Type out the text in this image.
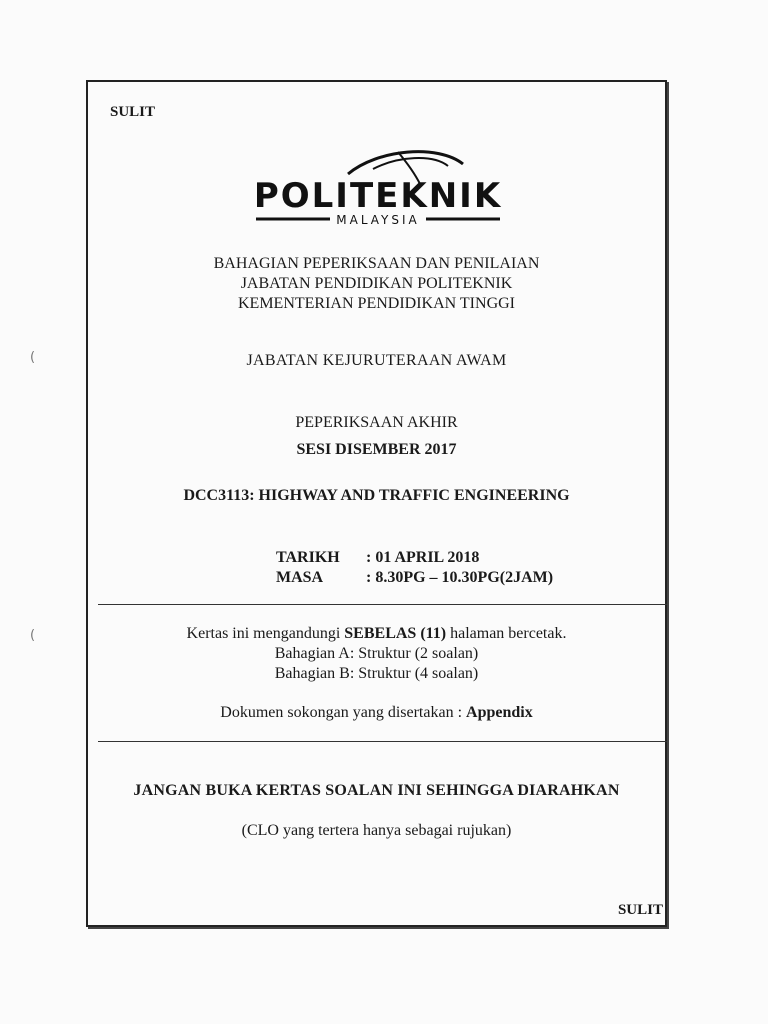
(
(
SULIT
POLITEKNIK
MALAYSIA
BAHAGIAN PEPERIKSAAN DAN PENILAIAN
JABATAN PENDIDIKAN POLITEKNIK
KEMENTERIAN PENDIDIKAN TINGGI
JABATAN KEJURUTERAAN AWAM
PEPERIKSAAN AKHIR
SESI DISEMBER 2017
DCC3113: HIGHWAY AND TRAFFIC ENGINEERING
TARIKH	: 01 APRIL 2018
MASA	: 8.30PG – 10.30PG(2JAM)
Kertas ini mengandungi SEBELAS (11) halaman bercetak.
Bahagian A: Struktur (2 soalan)
Bahagian B: Struktur (4 soalan)
Dokumen sokongan yang disertakan : Appendix
JANGAN BUKA KERTAS SOALAN INI SEHINGGA DIARAHKAN
(CLO yang tertera hanya sebagai rujukan)
SULIT
